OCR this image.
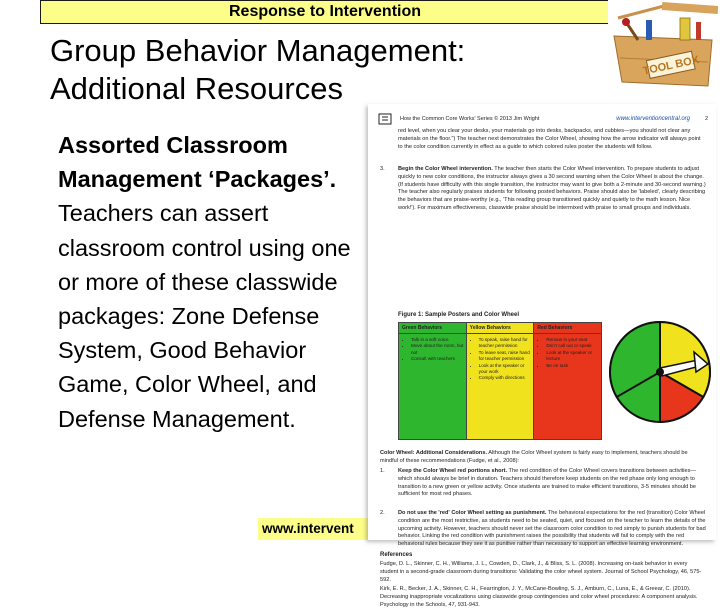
Response to Intervention
Group Behavior Management:
Additional Resources
Assorted Classroom Management ‘Packages’. Teachers can assert classroom control using one or more of these classwide packages: Zone Defense System, Good Behavior Game, Color Wheel, and Defense Management.
www.intervent
TOOL BOX
How the Common Core Works' Series © 2013 Jim Wright	www.interventioncentral.org	2
red level, when you clear your desks, your materials go into desks, backpacks, and cubbies—you should not clear any materials on the floor.") The teacher next demonstrates the Color Wheel, showing how the arrow indicator will always point to the color condition currently in effect as a guide to which colored rules poster the students will follow.
3.	Begin the Color Wheel intervention. The teacher then starts the Color Wheel intervention. To prepare students to adjust quickly to new color conditions, the instructor always gives a 30 second warning when the Color Wheel is about the change. (If students have difficulty with this single transition, the instructor may want to give both a 2-minute and 30-second warning.) The teacher also regularly praises students for following posted behaviors. Praise should also be 'labeled', clearly describing the behaviors that are praise-worthy (e.g., 'This reading group transitioned quickly and quietly to the math lesson. Nice work!'). For maximum effectiveness, classwide praise should be intermixed with praise to small groups and individuals.
Figure 1: Sample Posters and Color Wheel
Green Behaviors
• Talk in a soft voice
• Move about the room, but not
• Consult with teachers
Yellow Behaviors
• To speak, raise hand for teacher permission
• To leave seat, raise hand for teacher permission
• Look at the speaker or your work
• Comply with directions
Red Behaviors
• Remain in your seat
• Don't call out or speak
• Look at the speaker or lecture
• Be on task
Color Wheel: Additional Considerations. Although the Color Wheel system is fairly easy to implement, teachers should be mindful of these recommendations (Fudge, et al., 2008):
1.	Keep the Color Wheel red portions short. The red condition of the Color Wheel covers transitions between activities—which should always be brief in duration. Teachers should therefore keep students on the red phase only long enough to transition to a new green or yellow activity. Once students are trained to make efficient transitions, 3-5 minutes should be sufficient for most red phases.
2.	Do not use the 'red' Color Wheel setting as punishment. The behavioral expectations for the red (transition) Color Wheel condition are the most restrictive, as students need to be seated, quiet, and focused on the teacher to learn the details of the upcoming activity. However, teachers should never set the classroom color condition to red simply to punish students for bad behavior. Linking the red condition with punishment raises the possibility that students will fail to comply with the red behavioral rules because they see it as punitive rather than necessary to support an effective learning environment.
References
Fudge, D. L., Skinner, C. H., Williams, J. L., Cowden, D., Clark, J., & Bliss, S. L. (2008). Increasing on-task behavior in every student in a second-grade classroom during transitions: Validating the color wheel system. Journal of School Psychology, 46, 575-592.
Kirk, E. R., Becker, J. A., Skinner, C. H., Fearrington, J. Y., McCane-Bowling, S. J., Amburn, C., Luna, E., & Greear, C. (2010). Decreasing inappropriate vocalizations using classwide group contingencies and color wheel procedures: A component analysis. Psychology in the Schools, 47, 931-943.
